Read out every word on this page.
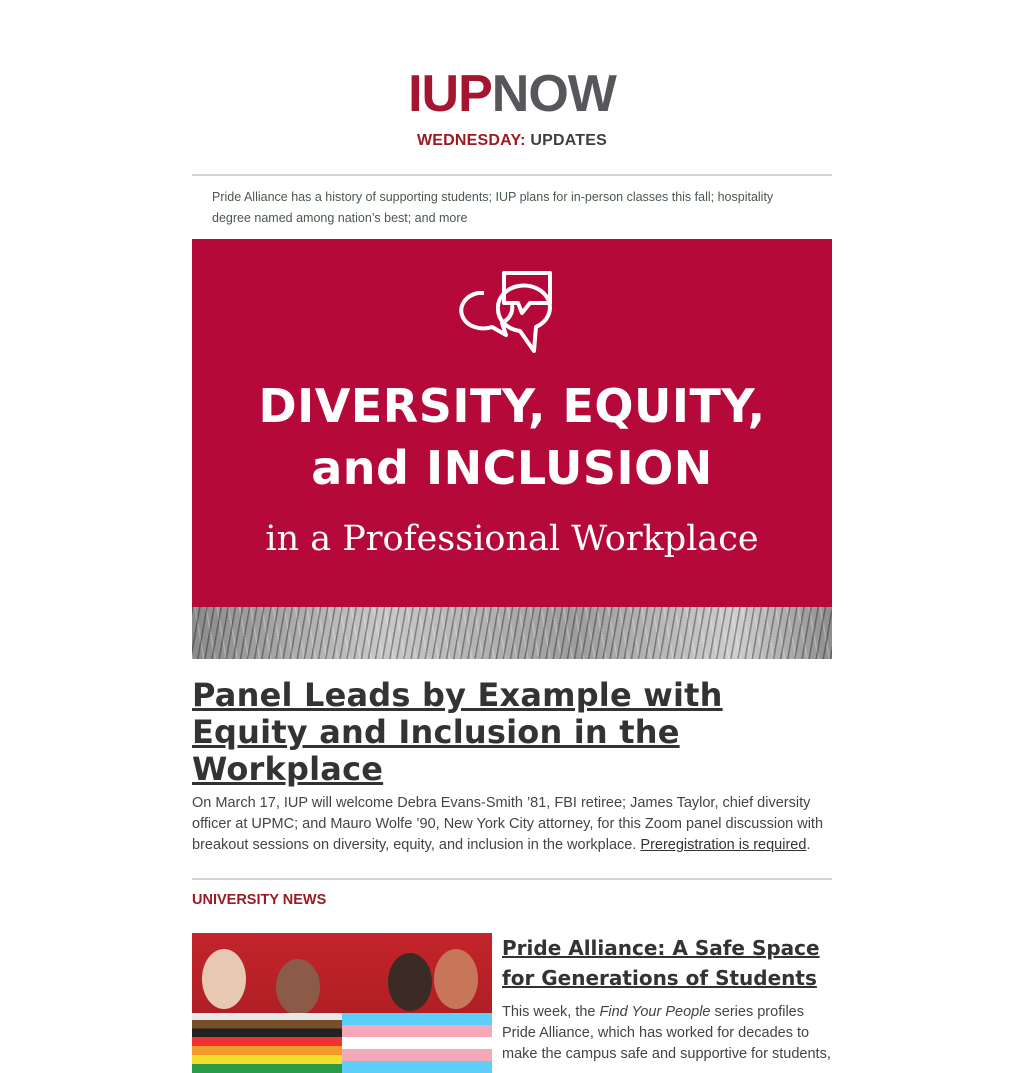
IUPNOW
WEDNESDAY: UPDATES
Pride Alliance has a history of supporting students; IUP plans for in-person classes this fall; hospitality degree named among nation’s best; and more
DIVERSITY, EQUITY,
and INCLUSION
in a Professional Workplace
Panel Leads by Example with Equity and Inclusion in the Workplace
On March 17, IUP will welcome Debra Evans-Smith ’81, FBI retiree; James Taylor, chief diversity officer at UPMC; and Mauro Wolfe ’90, New York City attorney, for this Zoom panel discussion with breakout sessions on diversity, equity, and inclusion in the workplace. Preregistration is required.
UNIVERSITY NEWS
Pride Alliance: A Safe Space for Generations of Students
This week, the Find Your People series profiles Pride Alliance, which has worked for decades to make the campus safe and supportive for students,
